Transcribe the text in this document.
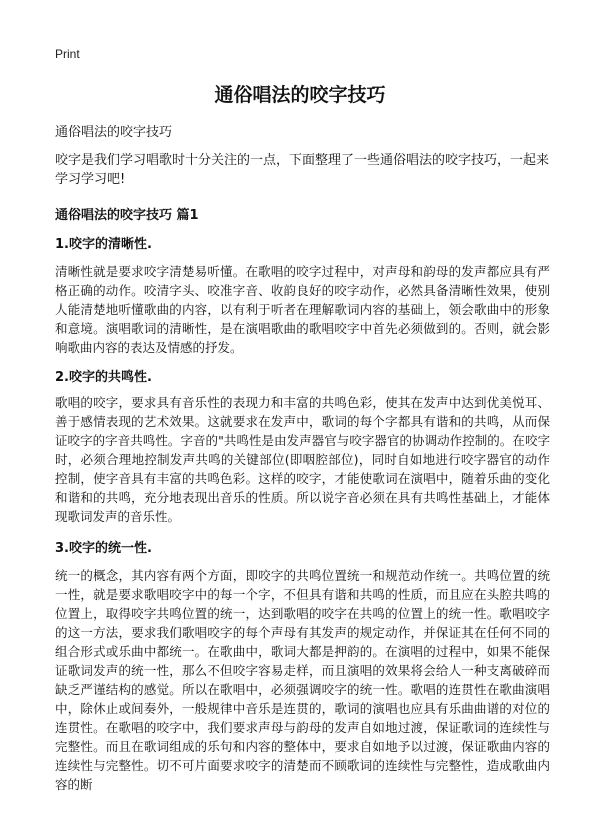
Print
通俗唱法的咬字技巧
通俗唱法的咬字技巧
咬字是我们学习唱歌时十分关注的一点，下面整理了一些通俗唱法的咬字技巧，一起来学习学习吧!
通俗唱法的咬字技巧 篇1
1.咬字的清晰性.
清晰性就是要求咬字清楚易听懂。在歌唱的咬字过程中，对声母和韵母的发声都应具有严格正确的动作。咬清字头、咬准字音、收韵良好的咬字动作，必然具备清晰性效果，使别人能清楚地听懂歌曲的内容，以有利于听者在理解歌词内容的基础上，领会歌曲中的形象和意境。演唱歌词的清晰性，是在演唱歌曲的歌唱咬字中首先必须做到的。否则，就会影响歌曲内容的表达及情感的抒发。
2.咬字的共鸣性.
歌唱的咬字，要求具有音乐性的表现力和丰富的共鸣色彩，使其在发声中达到优美悦耳、善于感情表现的艺术效果。这就要求在发声中，歌词的每个字都具有谐和的共鸣，从而保证咬字的字音共鸣性。字音的"共鸣性是由发声器官与咬字器官的协调动作控制的。在咬字时，必须合理地控制发声共鸣的关键部位(即咽腔部位)，同时自如地进行咬字器官的动作控制，使字音具有丰富的共鸣色彩。这样的咬字，才能使歌词在演唱中，随着乐曲的变化和谐和的共鸣，充分地表现出音乐的性质。所以说字音必须在具有共鸣性基础上，才能体现歌词发声的音乐性。
3.咬字的统一性.
统一的概念，其内容有两个方面，即咬字的共鸣位置统一和规范动作统一。共鸣位置的统一性，就是要求歌唱咬字中的每一个字，不但具有谐和共鸣的性质，而且应在头腔共鸣的位置上，取得咬字共鸣位置的统一，达到歌唱的咬字在共鸣的位置上的统一性。歌唱咬字的这一方法，要求我们歌唱咬字的每个声母有其发声的规定动作，并保证其在任何不同的组合形式或乐曲中都统一。在歌曲中，歌词大都是押韵的。在演唱的过程中，如果不能保证歌词发声的统一性，那么不但咬字容易走样，而且演唱的效果将会给人一种支离破碎而缺乏严谨结构的感觉。所以在歌唱中，必须强调咬字的统一性。歌唱的连贯性在歌曲演唱中，除休止或间奏外，一般规律中音乐是连贯的，歌词的演唱也应具有乐曲曲谱的对位的连贯性。在歌唱的咬字中，我们要求声母与韵母的发声自如地过渡，保证歌词的连续性与完整性。而且在歌词组成的乐句和内容的整体中，要求自如地予以过渡，保证歌曲内容的连续性与完整性。切不可片面要求咬字的清楚而不顾歌词的连续性与完整性，造成歌曲内容的断
